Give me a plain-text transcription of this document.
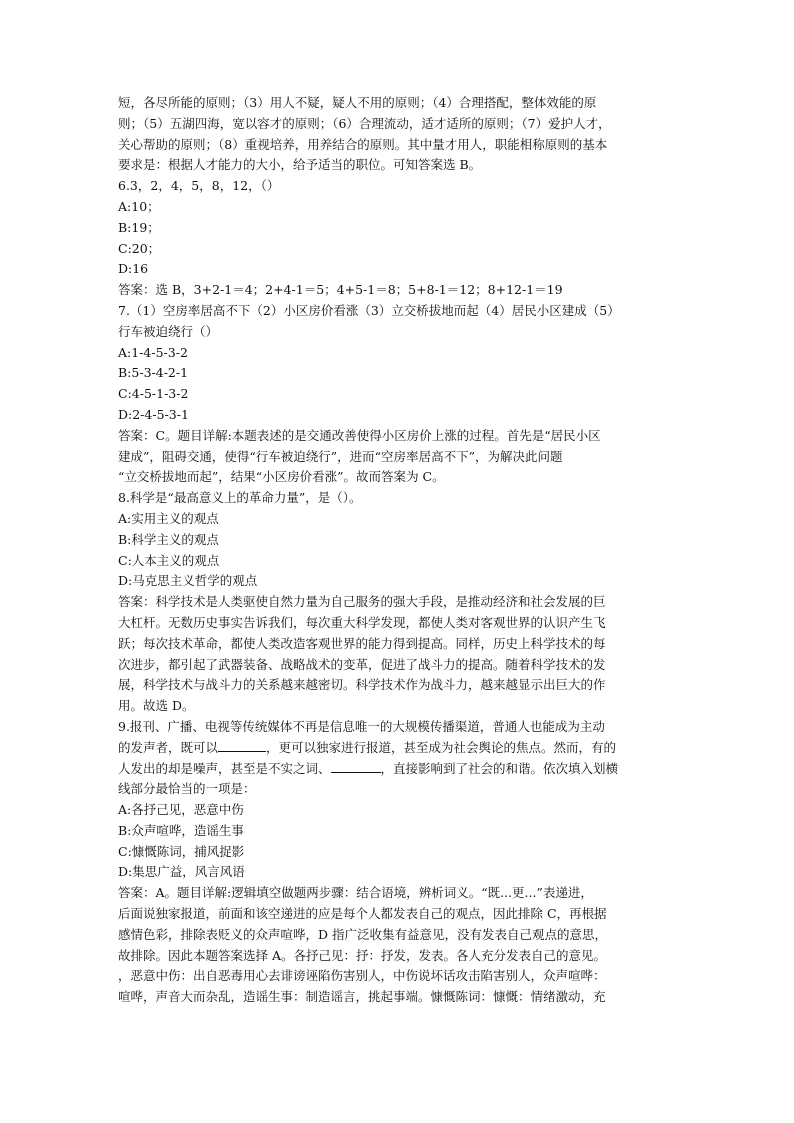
短，各尽所能的原则；（3）用人不疑，疑人不用的原则；（4）合理搭配，整体效能的原
则；（5）五湖四海，宽以容才的原则；（6）合理流动，适才适所的原则；（7）爱护人才，
关心帮助的原则；（8）重视培养，用养结合的原则。其中量才用人，职能相称原则的基本
要求是：根据人才能力的大小，给予适当的职位。可知答案选 B。
6.3，2，4，5，8，12，（）
A:10；
B:19；
C:20；
D:16
答案：选 B，3+2-1＝4；2+4-1＝5；4+5-1＝8；5+8-1＝12；8+12-1＝19
7.（1）空房率居高不下（2）小区房价看涨（3）立交桥拔地而起（4）居民小区建成（5）
行车被迫绕行（）
A:1-4-5-3-2
B:5-3-4-2-1
C:4-5-1-3-2
D:2-4-5-3-1
答案：C。题目详解:本题表述的是交通改善使得小区房价上涨的过程。首先是“居民小区
建成”，阻碍交通，使得“行车被迫绕行”，进而“空房率居高不下”，为解决此问题
“立交桥拔地而起”，结果“小区房价看涨”。故而答案为 C。
8.科学是“最高意义上的革命力量”，是（）。
A:实用主义的观点
B:科学主义的观点
C:人本主义的观点
D:马克思主义哲学的观点
答案：科学技术是人类驱使自然力量为自己服务的强大手段，是推动经济和社会发展的巨
大杠杆。无数历史事实告诉我们，每次重大科学发现，都使人类对客观世界的认识产生飞
跃；每次技术革命，都使人类改造客观世界的能力得到提高。同样，历史上科学技术的每
次进步，都引起了武器装备、战略战术的变革，促进了战斗力的提高。随着科学技术的发
展，科学技术与战斗力的关系越来越密切。科学技术作为战斗力，越来越显示出巨大的作
用。故选 D。
9.报刊、广播、电视等传统媒体不再是信息唯一的大规模传播渠道，普通人也能成为主动
的发声者，既可以	，更可以独家进行报道，甚至成为社会舆论的焦点。然而，有的
人发出的却是噪声，甚至是不实之词、	，直接影响到了社会的和谐。依次填入划横
线部分最恰当的一项是：
A:各抒己见，恶意中伤
B:众声喧哗，造谣生事
C:慷慨陈词，捕风捉影
D:集思广益，风言风语
答案：A。题目详解:逻辑填空做题两步骤：结合语境，辨析词义。“既...更...”表递进，
后面说独家报道，前面和该空递进的应是每个人都发表自己的观点，因此排除 C，再根据
感情色彩，排除表贬义的众声喧哗，D 指广泛收集有益意见，没有发表自己观点的意思，
故排除。因此本题答案选择 A。各抒己见：抒：抒发，发表。各人充分发表自己的意见。
，恶意中伤：出自恶毒用心去诽谤诬陷伤害别人，中伤说坏话攻击陷害别人，众声喧哗：
喧哗，声音大而杂乱，造谣生事：制造谣言，挑起事端。慷慨陈词：慷慨：情绪激动，充
